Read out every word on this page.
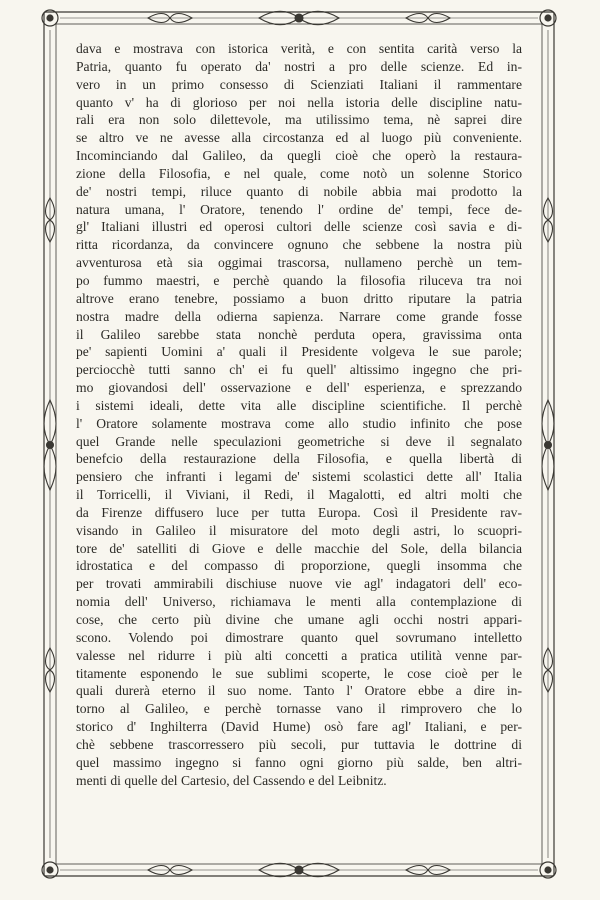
dava e mostrava con istorica verità, e con sentita carità verso la
Patria, quanto fu operato da' nostri a pro delle scienze. Ed in-
vero in un primo consesso di Scienziati Italiani il rammentare
quanto v' ha di glorioso per noi nella istoria delle discipline natu-
rali era non solo dilettevole, ma utilissimo tema, nè saprei dire
se altro ve ne avesse alla circostanza ed al luogo più conveniente.
Incominciando dal Galileo, da quegli cioè che operò la restaura-
zione della Filosofia, e nel quale, come notò un solenne Storico
de' nostri tempi, riluce quanto di nobile abbia mai prodotto la
natura umana, l' Oratore, tenendo l' ordine de' tempi, fece de-
gl' Italiani illustri ed operosi cultori delle scienze così savia e di-
ritta ricordanza, da convincere ognuno che sebbene la nostra più
avventurosa età sia oggimai trascorsa, nullameno perchè un tem-
po fummo maestri, e perchè quando la filosofia riluceva tra noi
altrove erano tenebre, possiamo a buon dritto riputare la patria
nostra madre della odierna sapienza. Narrare come grande fosse
il Galileo sarebbe stata nonchè perduta opera, gravissima onta
pe' sapienti Uomini a' quali il Presidente volgeva le sue parole;
perciocchè tutti sanno ch' ei fu quell' altissimo ingegno che pri-
mo giovandosi dell' osservazione e dell' esperienza, e sprezzando
i sistemi ideali, dette vita alle discipline scientifiche. Il perchè
l' Oratore solamente mostrava come allo studio infinito che pose
quel Grande nelle speculazioni geometriche si deve il segnalato
benefcio della restaurazione della Filosofia, e quella libertà di
pensiero che infranti i legami de' sistemi scolastici dette all' Italia
il Torricelli, il Viviani, il Redi, il Magalotti, ed altri molti che
da Firenze diffusero luce per tutta Europa. Così il Presidente rav-
visando in Galileo il misuratore del moto degli astri, lo scuopri-
tore de' satelliti di Giove e delle macchie del Sole, della bilancia
idrostatica e del compasso di proporzione, quegli insomma che
per trovati ammirabili dischiuse nuove vie agl' indagatori dell' eco-
nomia dell' Universo, richiamava le menti alla contemplazione di
cose, che certo più divine che umane agli occhi nostri appari-
scono. Volendo poi dimostrare quanto quel sovrumano intelletto
valesse nel ridurre i più alti concetti a pratica utilità venne par-
titamente esponendo le sue sublimi scoperte, le cose cioè per le
quali durerà eterno il suo nome. Tanto l' Oratore ebbe a dire in-
torno al Galileo, e perchè tornasse vano il rimprovero che lo
storico d' Inghilterra (David Hume) osò fare agl' Italiani, e per-
chè sebbene trascorressero più secoli, pur tuttavia le dottrine di
quel massimo ingegno si fanno ogni giorno più salde, ben altri-
menti di quelle del Cartesio, del Cassendo e del Leibnitz.
